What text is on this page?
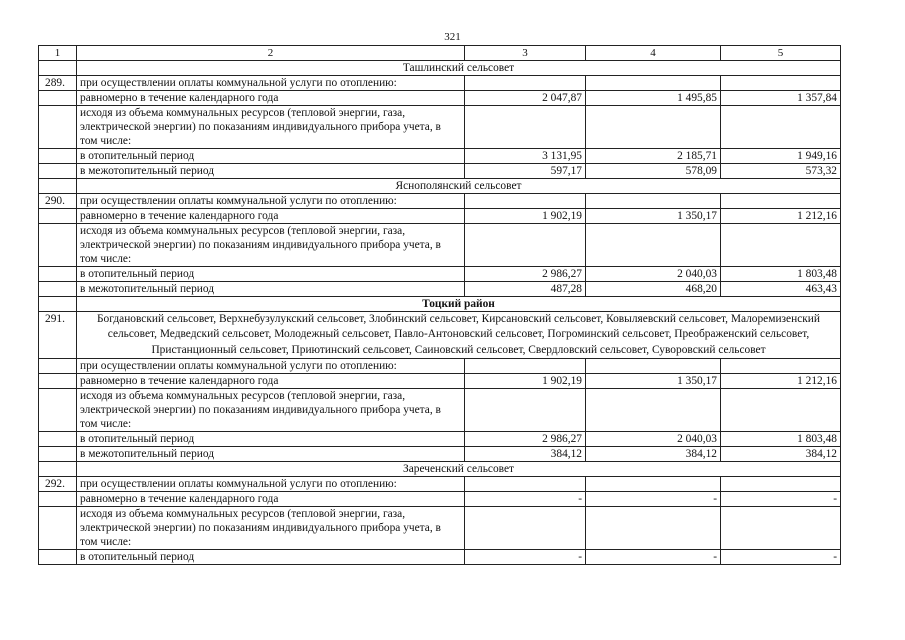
321
1	2	3	4	5
	Ташлинский сельсовет			
289.	при осуществлении оплаты коммунальной услуги по отоплению:			
	равномерно в течение календарного года	2 047,87	1 495,85	1 357,84
	исходя из объема коммунальных ресурсов (тепловой энергии, газа, электрической энергии) по показаниям индивидуального прибора учета, в том числе:			
	в отопительный период	3 131,95	2 185,71	1 949,16
	в межотопительный период	597,17	578,09	573,32
	Яснополянский сельсовет			
290.	при осуществлении оплаты коммунальной услуги по отоплению:			
	равномерно в течение календарного года	1 902,19	1 350,17	1 212,16
	исходя из объема коммунальных ресурсов (тепловой энергии, газа, электрической энергии) по показаниям индивидуального прибора учета, в том числе:			
	в отопительный период	2 986,27	2 040,03	1 803,48
	в межотопительный период	487,28	468,20	463,43
	Тоцкий район			
291.	Богдановский сельсовет, Верхнебузулукский сельсовет, Злобинский сельсовет, Кирсановский сельсовет, Ковыляевский сельсовет, Малоремизенский сельсовет, Медведский сельсовет, Молодежный сельсовет, Павло-Антоновский сельсовет, Погроминский сельсовет, Преображенский сельсовет, Пристанционный сельсовет, Приютинский сельсовет, Саиновский сельсовет, Свердловский сельсовет, Суворовский сельсовет			
	при осуществлении оплаты коммунальной услуги по отоплению:			
	равномерно в течение календарного года	1 902,19	1 350,17	1 212,16
	исходя из объема коммунальных ресурсов (тепловой энергии, газа, электрической энергии) по показаниям индивидуального прибора учета, в том числе:			
	в отопительный период	2 986,27	2 040,03	1 803,48
	в межотопительный период	384,12	384,12	384,12
	Зареченский сельсовет			
292.	при осуществлении оплаты коммунальной услуги по отоплению:			
	равномерно в течение календарного года	-	-	-
	исходя из объема коммунальных ресурсов (тепловой энергии, газа, электрической энергии) по показаниям индивидуального прибора учета, в том числе:			
	в отопительный период	-	-	-
